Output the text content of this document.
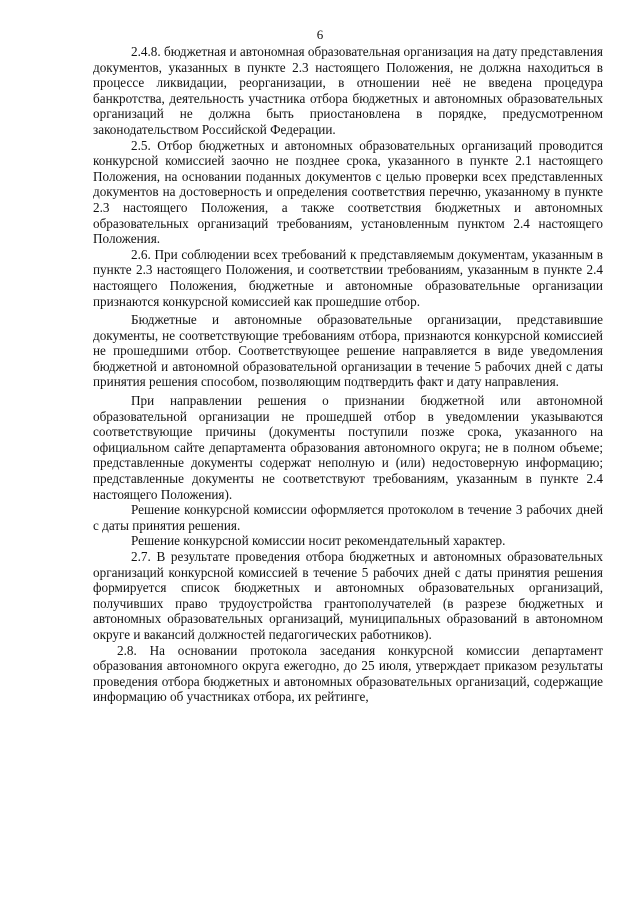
6

2.4.8. бюджетная и автономная образовательная организация на дату представления документов, указанных в пункте 2.3 настоящего Положения, не должна находиться в процессе ликвидации, реорганизации, в отношении неё не введена процедура банкротства, деятельность участника отбора бюджетных и автономных образовательных организаций не должна быть приостановлена в порядке, предусмотренном законодательством Российской Федерации.

2.5. Отбор бюджетных и автономных образовательных организаций проводится конкурсной комиссией заочно не позднее срока, указанного в пункте 2.1 настоящего Положения, на основании поданных документов с целью проверки всех представленных документов на достоверность и определения соответствия перечню, указанному в пункте 2.3 настоящего Положения, а также соответствия бюджетных и автономных образовательных организаций требованиям, установленным пунктом 2.4 настоящего Положения.

2.6. При соблюдении всех требований к представляемым документам, указанным в пункте 2.3 настоящего Положения, и соответствии требованиям, указанным в пункте 2.4 настоящего Положения, бюджетные и автономные образовательные организации признаются конкурсной комиссией как прошедшие отбор.

Бюджетные и автономные образовательные организации, представившие документы, не соответствующие требованиям отбора, признаются конкурсной комиссией не прошедшими отбор. Соответствующее решение направляется в виде уведомления бюджетной и автономной образовательной организации в течение 5 рабочих дней с даты принятия решения способом, позволяющим подтвердить факт и дату направления.

При направлении решения о признании бюджетной или автономной образовательной организации не прошедшей отбор в уведомлении указываются соответствующие причины (документы поступили позже срока, указанного на официальном сайте департамента образования автономного округа; не в полном объеме; представленные документы содержат неполную и (или) недостоверную информацию; представленные документы не соответствуют требованиям, указанным в пункте 2.4 настоящего Положения).

Решение конкурсной комиссии оформляется протоколом в течение 3 рабочих дней с даты принятия решения.

Решение конкурсной комиссии носит рекомендательный характер.

2.7. В результате проведения отбора бюджетных и автономных образовательных организаций конкурсной комиссией в течение 5 рабочих дней с даты принятия решения формируется список бюджетных и автономных образовательных организаций, получивших право трудоустройства грантополучателей (в разрезе бюджетных и автономных образовательных организаций, муниципальных образований в автономном округе и вакансий должностей педагогических работников).

2.8. На основании протокола заседания конкурсной комиссии департамент образования автономного округа ежегодно, до 25 июля, утверждает приказом результаты проведения отбора бюджетных и автономных образовательных организаций, содержащие информацию об участниках отбора, их рейтинге,
